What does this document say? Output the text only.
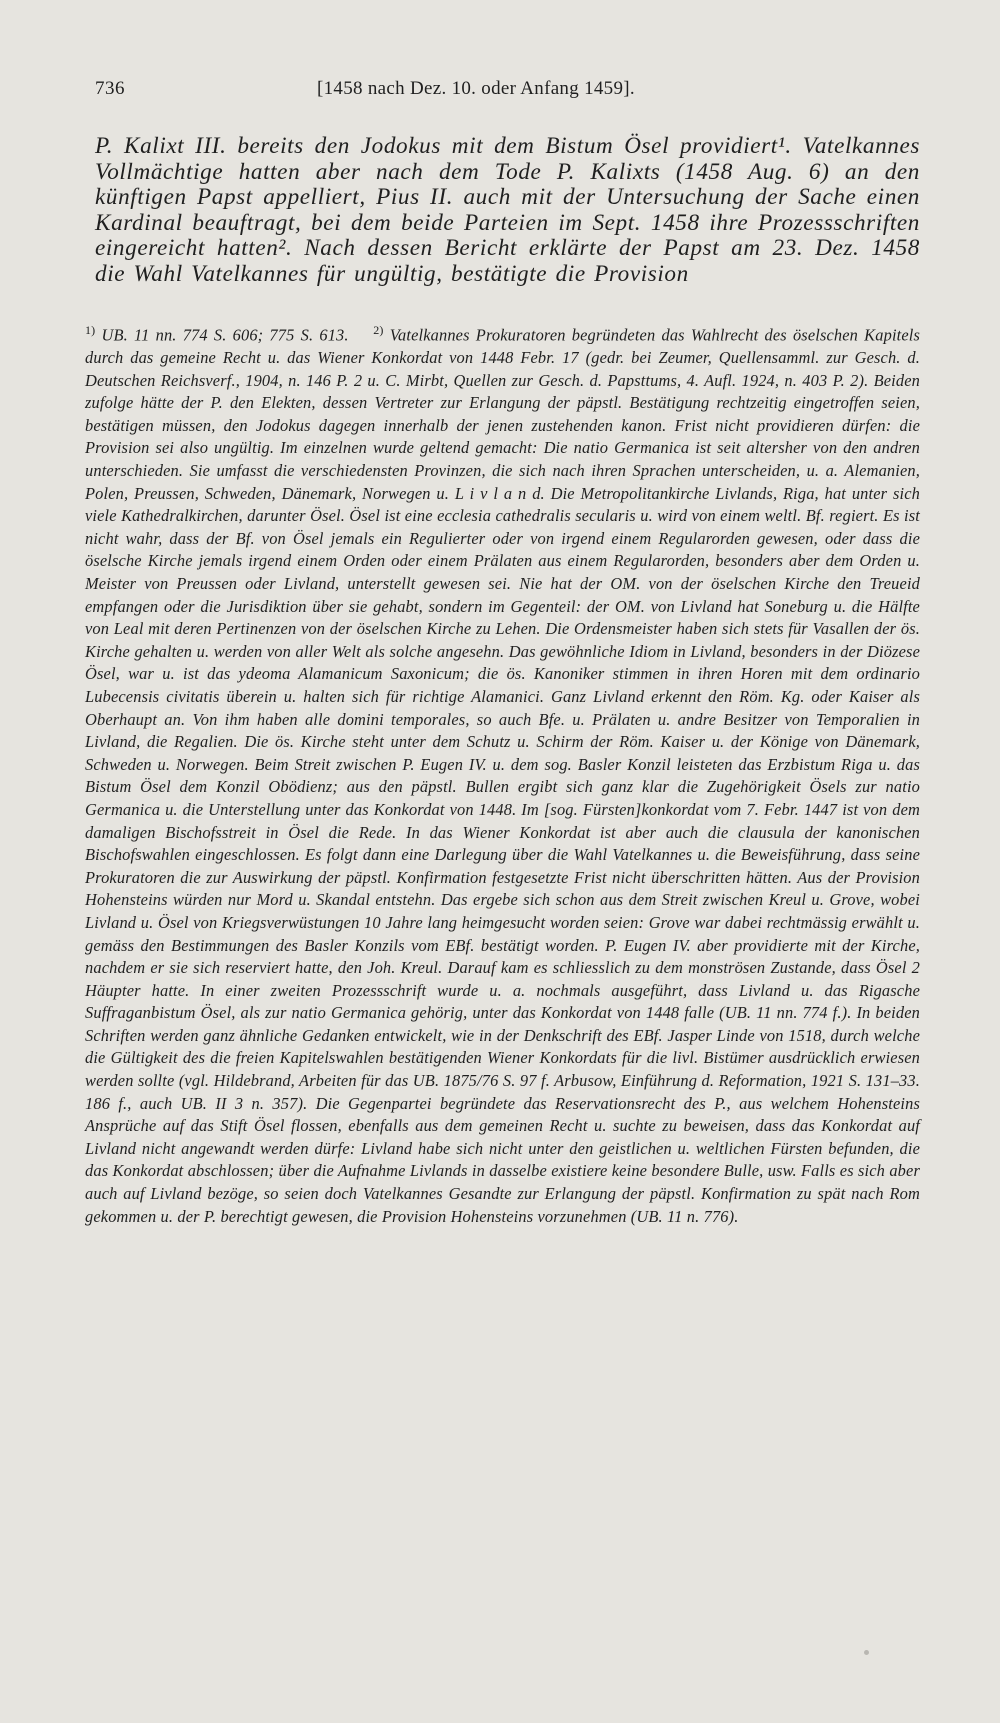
736	[1458 nach Dez. 10. oder Anfang 1459].
P. Kalixt III. bereits den Jodokus mit dem Bistum Ösel providiert¹. Vatelkannes Vollmächtige hatten aber nach dem Tode P. Kalixts (1458 Aug. 6) an den künftigen Papst appelliert, Pius II. auch mit der Untersuchung der Sache einen Kardinal beauftragt, bei dem beide Parteien im Sept. 1458 ihre Prozessschriften eingereicht hatten². Nach dessen Bericht erklärte der Papst am 23. Dez. 1458 die Wahl Vatelkannes für ungültig, bestätigte die Provision

$^{1)}$ UB. 11 nn. 774 S. 606; 775 S. 613. $^{2)}$ Vatelkannes Prokuratoren begründeten das Wahlrecht des öselschen Kapitels durch das gemeine Recht u. das Wiener Konkordat von 1448 Febr. 17 (gedr. bei Zeumer, Quellensamml. zur Gesch. d. Deutschen Reichsverf., 1904, n. 146 P. 2 u. C. Mirbt, Quellen zur Gesch. d. Papsttums, 4. Aufl. 1924, n. 403 P. 2). Beiden zufolge hätte der P. den Elekten, dessen Vertreter zur Erlangung der päpstl. Bestätigung rechtzeitig eingetroffen seien, bestätigen müssen, den Jodokus dagegen innerhalb der jenen zustehenden kanon. Frist nicht providieren dürfen: die Provision sei also ungültig. Im einzelnen wurde geltend gemacht: Die natio Germanica ist seit altersher von den andren unterschieden. Sie umfasst die verschiedensten Provinzen, die sich nach ihren Sprachen unterscheiden, u. a. Alemanien, Polen, Preussen, Schweden, Dänemark, Norwegen u. L i v l a n d. Die Metropolitankirche Livlands, Riga, hat unter sich viele Kathedralkirchen, darunter Ösel. Ösel ist eine ecclesia cathedralis secularis u. wird von einem weltl. Bf. regiert. Es ist nicht wahr, dass der Bf. von Ösel jemals ein Regulierter oder von irgend einem Regularorden gewesen, oder dass die öselsche Kirche jemals irgend einem Orden oder einem Prälaten aus einem Regularorden, besonders aber dem Orden u. Meister von Preussen oder Livland, unterstellt gewesen sei. Nie hat der OM. von der öselschen Kirche den Treueid empfangen oder die Jurisdiktion über sie gehabt, sondern im Gegenteil: der OM. von Livland hat Soneburg u. die Hälfte von Leal mit deren Pertinenzen von der öselschen Kirche zu Lehen. Die Ordensmeister haben sich stets für Vasallen der ös. Kirche gehalten u. werden von aller Welt als solche angesehn. Das gewöhnliche Idiom in Livland, besonders in der Diözese Ösel, war u. ist das ydeoma Alamanicum Saxonicum; die ös. Kanoniker stimmen in ihren Horen mit dem ordinario Lubecensis civitatis überein u. halten sich für richtige Alamanici. Ganz Livland erkennt den Röm. Kg. oder Kaiser als Oberhaupt an. Von ihm haben alle domini temporales, so auch Bfe. u. Prälaten u. andre Besitzer von Temporalien in Livland, die Regalien. Die ös. Kirche steht unter dem Schutz u. Schirm der Röm. Kaiser u. der Könige von Dänemark, Schweden u. Norwegen. Beim Streit zwischen P. Eugen IV. u. dem sog. Basler Konzil leisteten das Erzbistum Riga u. das Bistum Ösel dem Konzil Obödienz; aus den päpstl. Bullen ergibt sich ganz klar die Zugehörigkeit Ösels zur natio Germanica u. die Unterstellung unter das Konkordat von 1448. Im [sog. Fürsten]konkordat vom 7. Febr. 1447 ist von dem damaligen Bischofsstreit in Ösel die Rede. In das Wiener Konkordat ist aber auch die clausula der kanonischen Bischofswahlen eingeschlossen. Es folgt dann eine Darlegung über die Wahl Vatelkannes u. die Beweisführung, dass seine Prokuratoren die zur Auswirkung der päpstl. Konfirmation festgesetzte Frist nicht überschritten hätten. Aus der Provision Hohensteins würden nur Mord u. Skandal entstehn. Das ergebe sich schon aus dem Streit zwischen Kreul u. Grove, wobei Livland u. Ösel von Kriegsverwüstungen 10 Jahre lang heimgesucht worden seien: Grove war dabei rechtmässig erwählt u. gemäss den Bestimmungen des Basler Konzils vom EBf. bestätigt worden. P. Eugen IV. aber providierte mit der Kirche, nachdem er sie sich reserviert hatte, den Joh. Kreul. Darauf kam es schliesslich zu dem monströsen Zustande, dass Ösel 2 Häupter hatte. In einer zweiten Prozessschrift wurde u. a. nochmals ausgeführt, dass Livland u. das Rigasche Suffraganbistum Ösel, als zur natio Germanica gehörig, unter das Konkordat von 1448 falle (UB. 11 nn. 774 f.). In beiden Schriften werden ganz ähnliche Gedanken entwickelt, wie in der Denkschrift des EBf. Jasper Linde von 1518, durch welche die Gültigkeit des die freien Kapitelswahlen bestätigenden Wiener Konkordats für die livl. Bistümer ausdrücklich erwiesen werden sollte (vgl. Hildebrand, Arbeiten für das UB. 1875/76 S. 97 f. Arbusow, Einführung d. Reformation, 1921 S. 131–33. 186 f., auch UB. II 3 n. 357). Die Gegenpartei begründete das Reservationsrecht des P., aus welchem Hohensteins Ansprüche auf das Stift Ösel flossen, ebenfalls aus dem gemeinen Recht u. suchte zu beweisen, dass das Konkordat auf Livland nicht angewandt werden dürfe: Livland habe sich nicht unter den geistlichen u. weltlichen Fürsten befunden, die das Konkordat abschlossen; über die Aufnahme Livlands in dasselbe existiere keine besondere Bulle, usw. Falls es sich aber auch auf Livland bezöge, so seien doch Vatelkannes Gesandte zur Erlangung der päpstl. Konfirmation zu spät nach Rom gekommen u. der P. berechtigt gewesen, die Provision Hohensteins vorzunehmen (UB. 11 n. 776).
